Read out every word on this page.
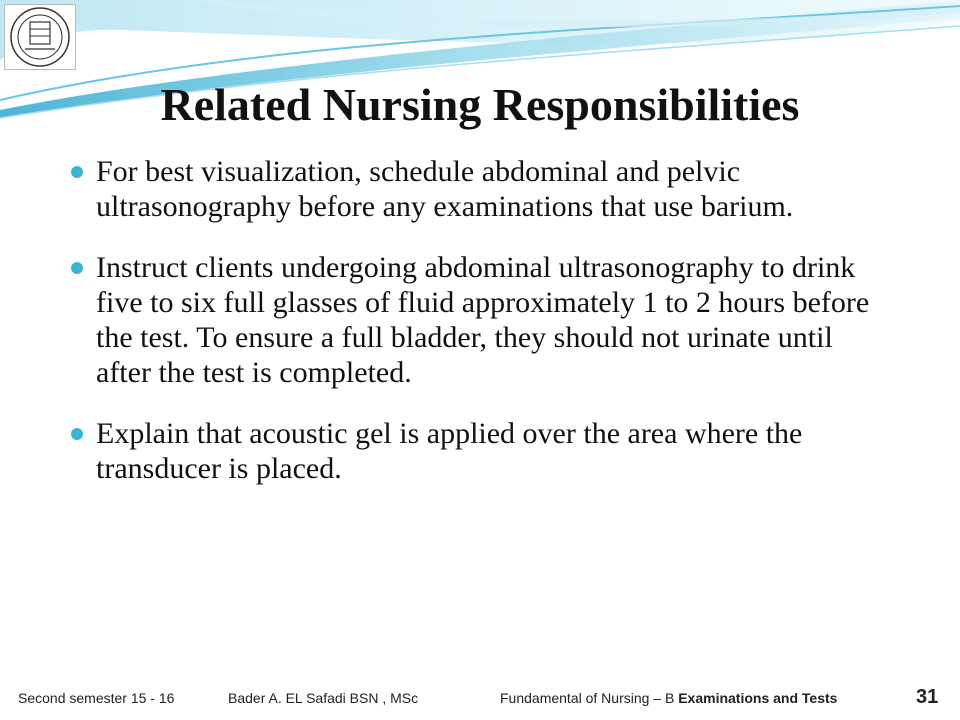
Related Nursing Responsibilities
For best visualization, schedule abdominal and pelvic ultrasonography before any examinations that use barium.
Instruct clients undergoing abdominal ultrasonography to drink five to six full glasses of fluid approximately 1 to 2 hours before the test. To ensure a full bladder, they should not urinate until after the test is completed.
Explain that acoustic gel is applied over the area where the transducer is placed.
Second semester 15 - 16	Bader A. EL Safadi BSN , MSc	Fundamental of Nursing – B Examinations and Tests	31
